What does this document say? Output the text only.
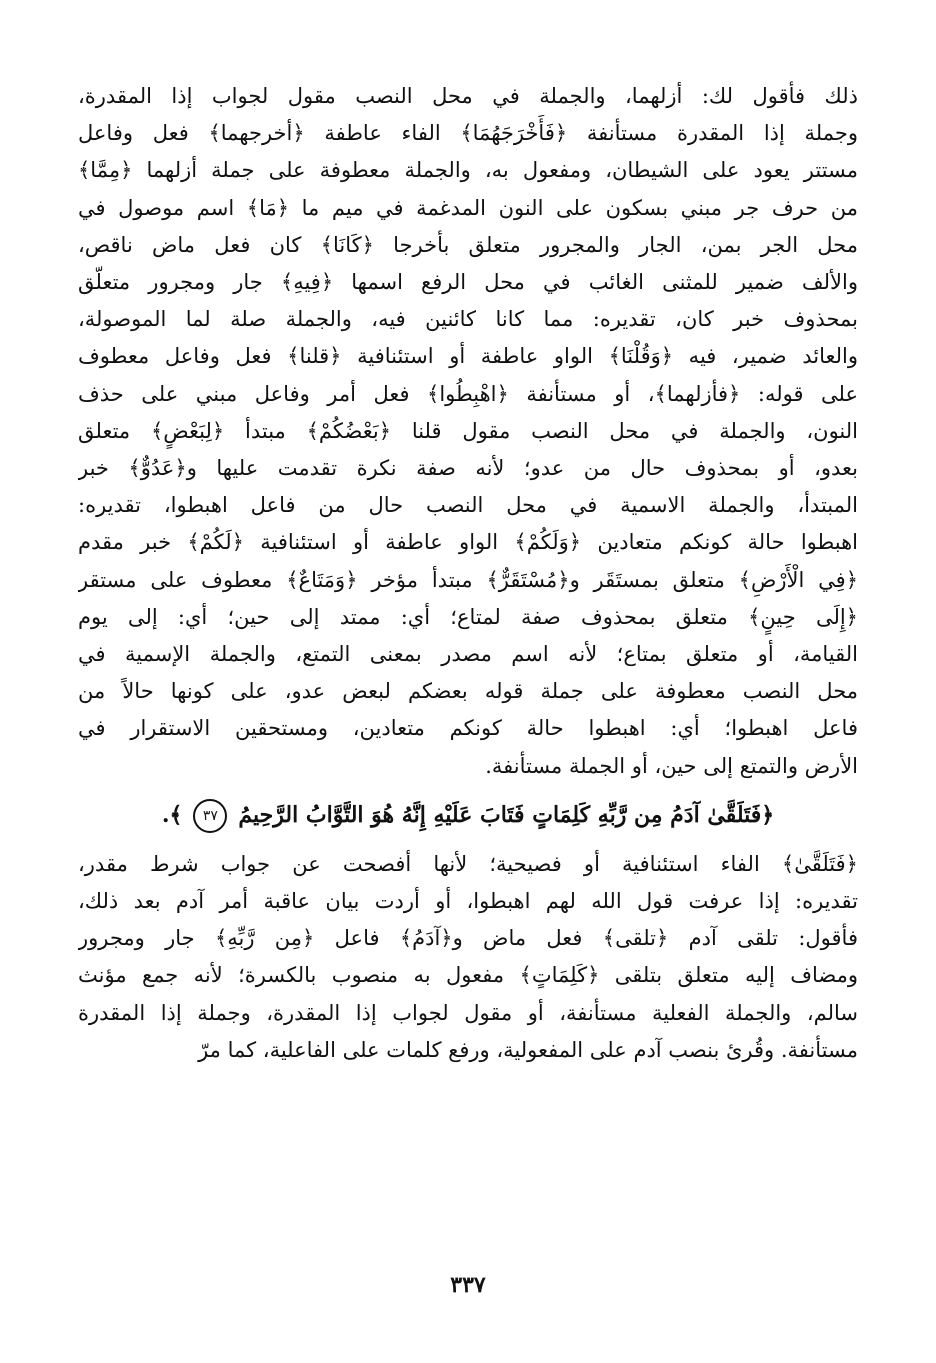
ذلك فأقول لك: أزلهما، والجملة في محل النصب مقول لجواب إذا المقدرة،
وجملة إذا المقدرة مستأنفة ﴿فَأَخْرَجَهُمَا﴾ الفاء عاطفة ﴿أخرجهما﴾ فعل وفاعل
مستتر يعود على الشيطان، ومفعول به، والجملة معطوفة على جملة أزلهما ﴿مِمَّا﴾
من حرف جر مبني بسكون على النون المدغمة في ميم ما ﴿مَا﴾ اسم موصول في
محل الجر بمن، الجار والمجرور متعلق بأخرجا ﴿كَانَا﴾ كان فعل ماض ناقص،
والألف ضمير للمثنى الغائب في محل الرفع اسمها ﴿فِيهِ﴾ جار ومجرور متعلّق
بمحذوف خبر كان، تقديره: مما كانا كائنين فيه، والجملة صلة لما الموصولة،
والعائد ضمير، فيه ﴿وَقُلْنَا﴾ الواو عاطفة أو استئنافية ﴿قلنا﴾ فعل وفاعل معطوف
على قوله: ﴿فأزلهما﴾، أو مستأنفة ﴿اهْبِطُوا﴾ فعل أمر وفاعل مبني على حذف
النون، والجملة في محل النصب مقول قلنا ﴿بَعْضُكُمْ﴾ مبتدأ ﴿لِبَعْضٍ﴾ متعلق
بعدو، أو بمحذوف حال من عدو؛ لأنه صفة نكرة تقدمت عليها و﴿عَدُوٌّ﴾ خبر
المبتدأ، والجملة الاسمية في محل النصب حال من فاعل اهبطوا، تقديره:
اهبطوا حالة كونكم متعادين ﴿وَلَكُمْ﴾ الواو عاطفة أو استئنافية ﴿لَكُمْ﴾ خبر مقدم
﴿فِي الْأَرْضِ﴾ متعلق بمستَقَر و﴿مُسْتَقَرٌّ﴾ مبتدأ مؤخر ﴿وَمَتَاعٌ﴾ معطوف على مستقر
﴿إِلَى حِينٍ﴾ متعلق بمحذوف صفة لمتاع؛ أي: ممتد إلى حين؛ أي: إلى يوم
القيامة، أو متعلق بمتاع؛ لأنه اسم مصدر بمعنى التمتع، والجملة الإسمية في
محل النصب معطوفة على جملة قوله بعضكم لبعض عدو، على كونها حالاً من
فاعل اهبطوا؛ أي: اهبطوا حالة كونكم متعادين، ومستحقين الاستقرار في
الأرض والتمتع إلى حين، أو الجملة مستأنفة.
﴿فَتَلَقَّىٰ آدَمُ مِن رَّبِّهِ كَلِمَاتٍ فَتَابَ عَلَيْهِ إِنَّهُ هُوَ التَّوَّابُ الرَّحِيمُ ٣٧ ﴾.
﴿فَتَلَقَّىٰ﴾ الفاء استئنافية أو فصيحية؛ لأنها أفصحت عن جواب شرط مقدر،
تقديره: إذا عرفت قول الله لهم اهبطوا، أو أردت بيان عاقبة أمر آدم بعد ذلك،
فأقول: تلقى آدم ﴿تلقى﴾ فعل ماض و﴿آدَمُ﴾ فاعل ﴿مِن رَّبِّهِ﴾ جار ومجرور
ومضاف إليه متعلق بتلقى ﴿كَلِمَاتٍ﴾ مفعول به منصوب بالكسرة؛ لأنه جمع مؤنث
سالم، والجملة الفعلية مستأنفة، أو مقول لجواب إذا المقدرة، وجملة إذا المقدرة
مستأنفة. وقُرئ بنصب آدم على المفعولية، ورفع كلمات على الفاعلية، كما مرّ
٣٣٧
